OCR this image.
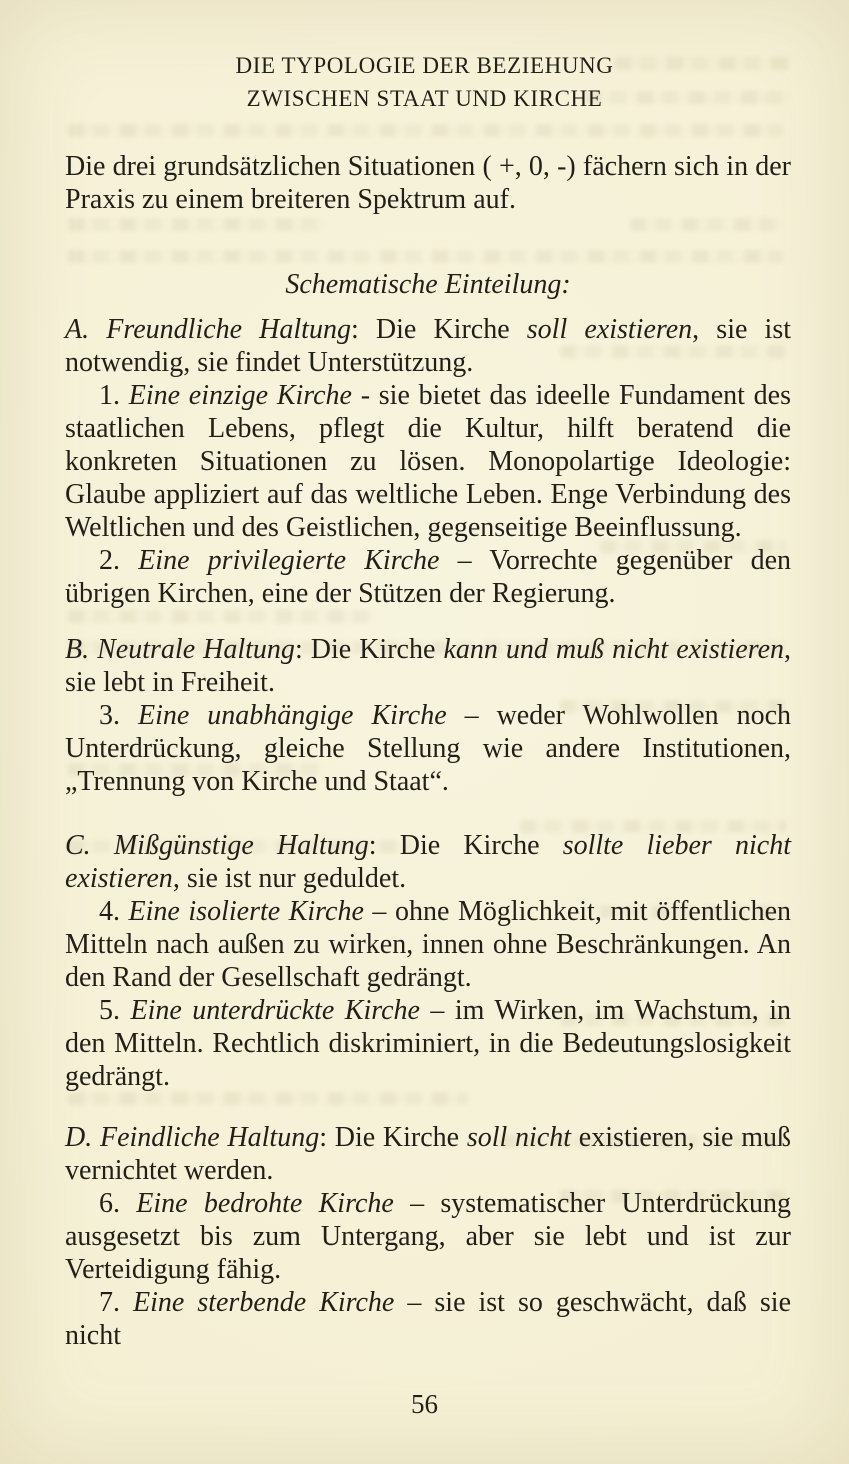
DIE TYPOLOGIE DER BEZIEHUNG
ZWISCHEN STAAT UND KIRCHE

Die drei grundsätzlichen Situationen ( +, 0, -) fächern sich in der Praxis zu einem breiteren Spektrum auf.

Schematische Einteilung:

A. Freundliche Haltung: Die Kirche soll existieren, sie ist notwendig, sie findet Unterstützung.

1. Eine einzige Kirche - sie bietet das ideelle Fundament des staatlichen Lebens, pflegt die Kultur, hilft beratend die konkreten Situationen zu lösen. Monopolartige Ideologie: Glaube appliziert auf das weltliche Leben. Enge Verbindung des Weltlichen und des Geistlichen, gegenseitige Beeinflussung.

2. Eine privilegierte Kirche – Vorrechte gegenüber den übrigen Kirchen, eine der Stützen der Regierung.

B. Neutrale Haltung: Die Kirche kann und muß nicht existieren, sie lebt in Freiheit.

3. Eine unabhängige Kirche – weder Wohlwollen noch Unterdrückung, gleiche Stellung wie andere Institutionen, „Trennung von Kirche und Staat“.

C. Mißgünstige Haltung: Die Kirche sollte lieber nicht existieren, sie ist nur geduldet.

4. Eine isolierte Kirche – ohne Möglichkeit, mit öffentlichen Mitteln nach außen zu wirken, innen ohne Beschränkungen. An den Rand der Gesellschaft gedrängt.

5. Eine unterdrückte Kirche – im Wirken, im Wachstum, in den Mitteln. Rechtlich diskriminiert, in die Bedeutungslosigkeit gedrängt.

D. Feindliche Haltung: Die Kirche soll nicht existieren, sie muß vernichtet werden.

6. Eine bedrohte Kirche – systematischer Unterdrückung ausgesetzt bis zum Untergang, aber sie lebt und ist zur Verteidigung fähig.

7. Eine sterbende Kirche – sie ist so geschwächt, daß sie nicht

56
